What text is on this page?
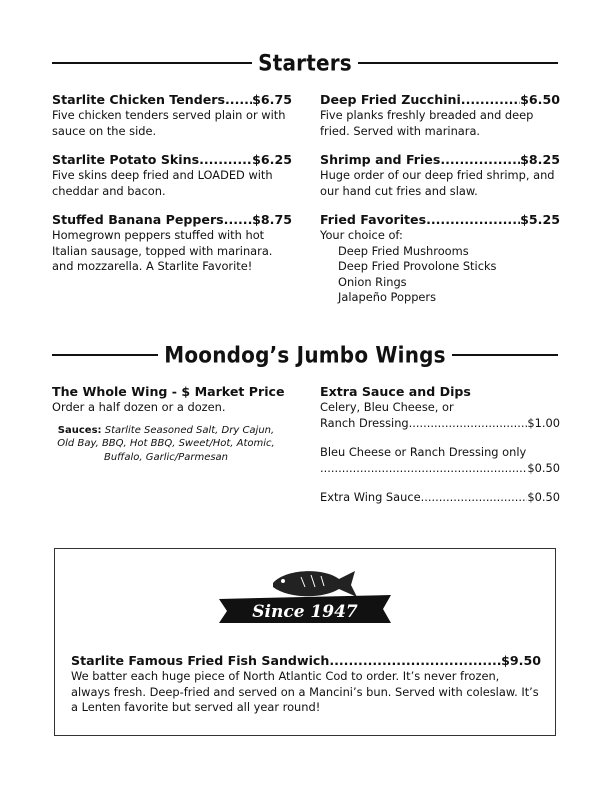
Starters
Starlite Chicken Tenders ..... $6.75

Five chicken tenders served plain or with sauce on the side.

Starlite Potato Skins .....	$6.25

Five skins deep fried and LOADED with cheddar and bacon.

Stuffed Banana Peppers ..... $8.75

Homegrown peppers stuffed with hot Italian sausage, topped with marinara. and mozzarella. A Starlite Favorite!

Deep Fried Zucchini .....	$6.50

Five planks freshly breaded and deep fried. Served with marinara.

Shrimp and Fries .....	$8.25

Huge order of our deep fried shrimp, and our hand cut fries and slaw.

Fried Favorites .....	$5.25

Your choice of:

Deep Fried Mushrooms
Deep Fried Provolone Sticks
Onion Rings
Jalapeño Poppers
Moondog’s Jumbo Wings
The Whole Wing - $ Market Price

Order a half dozen or a dozen.

Sauces: Starlite Seasoned Salt, Dry Cajun, Old Bay, BBQ, Hot BBQ, Sweet/Hot, Atomic, Buffalo, Garlic/Parmesan
Extra Sauce and Dips

Celery, Bleu Cheese, or

Ranch Dressing .....	$1.00

Bleu Cheese or Ranch Dressing only

.....
$0.50
Extra Wing Sauce .....	$0.50
Since 1947
Starlite Famous Fried Fish Sandwich .....	$9.50

We batter each huge piece of North Atlantic Cod to order. It’s never frozen, always fresh. Deep-fried and served on a Mancini’s bun. Served with coleslaw. It’s a Lenten favorite but served all year round!
